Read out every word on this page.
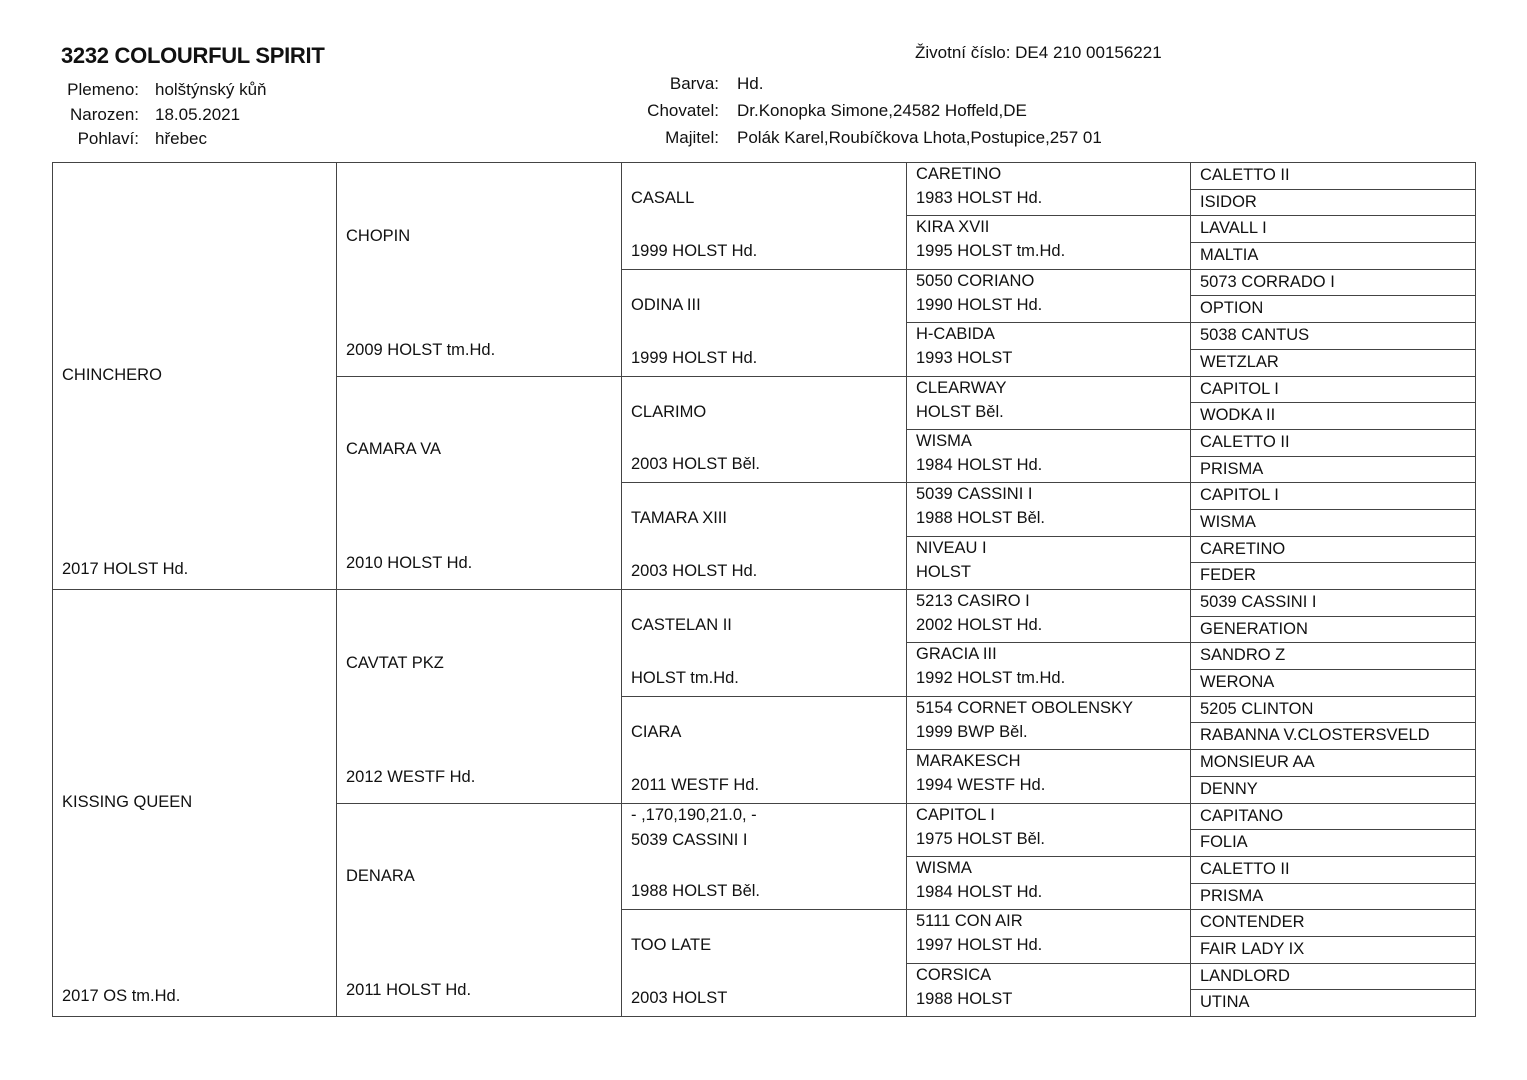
3232 COLOURFUL SPIRIT	Životní číslo: DE4 210 00156221
Plemeno: holštýnský kůň
Narozen: 18.05.2021
Pohlaví: hřebec
Barva: Hd.
Chovatel: Dr.Konopka Simone,24582 Hoffeld,DE
Majitel: Polák Karel,Roubíčkova Lhota,Postupice,257 01
CHINCHERO
2017 HOLST Hd.
KISSING QUEEN
2017 OS tm.Hd.
CHOPIN
2009 HOLST tm.Hd.
CAMARA VA
2010 HOLST Hd.
CAVTAT PKZ
2012 WESTF Hd.
DENARA
2011 HOLST Hd.
CASALL
1999 HOLST Hd.
ODINA III
1999 HOLST Hd.
CLARIMO
2003 HOLST Běl.
TAMARA XIII
2003 HOLST Hd.
CASTELAN II
HOLST tm.Hd.
CIARA
2011 WESTF Hd.
- ,170,190,21.0, -
5039 CASSINI I
1988 HOLST Běl.
TOO LATE
2003 HOLST
CARETINO
1983 HOLST Hd.
KIRA XVII
1995 HOLST tm.Hd.
5050 CORIANO
1990 HOLST Hd.
H-CABIDA
1993 HOLST
CLEARWAY
HOLST Běl.
WISMA
1984 HOLST Hd.
5039 CASSINI I
1988 HOLST Běl.
NIVEAU I
HOLST
5213 CASIRO I
2002 HOLST Hd.
GRACIA III
1992 HOLST tm.Hd.
5154 CORNET OBOLENSKY
1999 BWP Běl.
MARAKESCH
1994 WESTF Hd.
CAPITOL I
1975 HOLST Běl.
WISMA
1984 HOLST Hd.
5111 CON AIR
1997 HOLST Hd.
CORSICA
1988 HOLST
CALETTO II
ISIDOR
LAVALL I
MALTIA
5073 CORRADO I
OPTION
5038 CANTUS
WETZLAR
CAPITOL I
WODKA II
CALETTO II
PRISMA
CAPITOL I
WISMA
CARETINO
FEDER
5039 CASSINI I
GENERATION
SANDRO Z
WERONA
5205 CLINTON
RABANNA V.CLOSTERSVELD
MONSIEUR AA
DENNY
CAPITANO
FOLIA
CALETTO II
PRISMA
CONTENDER
FAIR LADY IX
LANDLORD
UTINA
